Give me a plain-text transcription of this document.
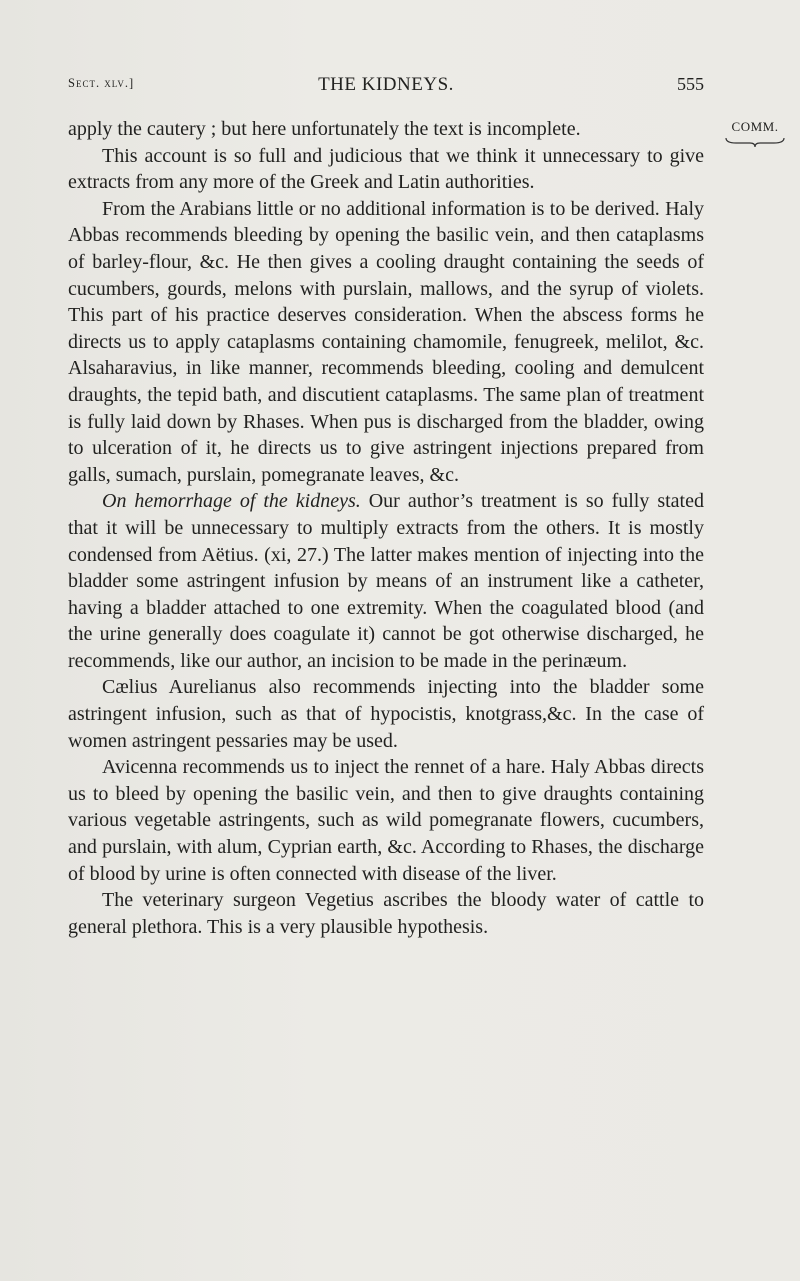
Sect. xlv.]	THE KIDNEYS.	555
COMM.

apply the cautery ; but here unfortunately the text is incomplete.

This account is so full and judicious that we think it unnecessary to give extracts from any more of the Greek and Latin authorities.

From the Arabians little or no additional information is to be derived. Haly Abbas recommends bleeding by opening the basilic vein, and then cataplasms of barley-flour, &c. He then gives a cooling draught containing the seeds of cucumbers, gourds, melons with purslain, mallows, and the syrup of violets. This part of his practice deserves consideration. When the abscess forms he directs us to apply cataplasms containing chamomile, fenugreek, melilot, &c. Alsaharavius, in like manner, recommends bleeding, cooling and demulcent draughts, the tepid bath, and discutient cataplasms. The same plan of treatment is fully laid down by Rhases. When pus is discharged from the bladder, owing to ulceration of it, he directs us to give astringent injections prepared from galls, sumach, purslain, pomegranate leaves, &c.

On hemorrhage of the kidneys. Our author’s treatment is so fully stated that it will be unnecessary to multiply extracts from the others. It is mostly condensed from Aëtius. (xi, 27.) The latter makes mention of injecting into the bladder some astringent infusion by means of an instrument like a catheter, having a bladder attached to one extremity. When the coagulated blood (and the urine generally does coagulate it) cannot be got otherwise discharged, he recommends, like our author, an incision to be made in the perinæum.

Cælius Aurelianus also recommends injecting into the bladder some astringent infusion, such as that of hypocistis, knotgrass,&c. In the case of women astringent pessaries may be used.

Avicenna recommends us to inject the rennet of a hare. Haly Abbas directs us to bleed by opening the basilic vein, and then to give draughts containing various vegetable astringents, such as wild pomegranate flowers, cucumbers, and purslain, with alum, Cyprian earth, &c. According to Rhases, the discharge of blood by urine is often connected with disease of the liver.

The veterinary surgeon Vegetius ascribes the bloody water of cattle to general plethora. This is a very plausible hypothesis.
